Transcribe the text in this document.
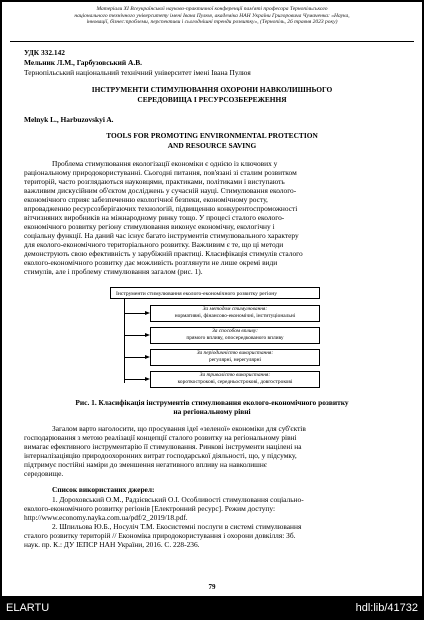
Матеріали ХІ Всеукраїнської науково-практичної конференції пам'яті професора Тернопільського
національного технічного університету імені Івана Пулюя, академіка НАН України Григоровича Чумаченка: «Наука,
інновації, бізнес:проблеми, перспективи і сьогоднішні тренди розвитку», (Тернопіль, 26 травня 2023 року)
УДК 332.142
Мельник Л.М., Гарбузовський А.В.
Тернопільський національний технічний університет імені Івана Пулюя
ІНСТРУМЕНТИ СТИМУЛЮВАННЯ ОХОРОНИ НАВКОЛИШНЬОГО
СЕРЕДОВИЩА І РЕСУРСОЗБЕРЕЖЕННЯ
Melnyk L., Harbuzovskyi A.
TOOLS FOR PROMOTING ENVIRONMENTAL PROTECTION
AND RESOURCE SAVING
Проблема стимулювання екологізації економіки є однією із ключових у
раціональному природокористуванні. Сьогодні питання, пов'язані зі сталим розвитком
територій, часто розглядаються науковцями, практиками, політиками і виступають
важливим дискусійним об'єктом досліджень у сучасній науці. Стимулювання еколого-
економічного сприяє забезпеченню екологічної безпеки, економічному росту,
впровадженню ресурсозберігаючих технологій, підвищенню конкурентоспроможності
вітчизняних виробників на міжнародному ринку тощо. У процесі сталого еколого-
економічного розвитку регіону стимулювання виконує економічну, екологічну і
соціальну функції. На даний час існує багато інструментів стимулювального характеру
для еколого-економічного територіального розвитку. Важливим є те, що ці методи
демонструють свою ефективність у зарубіжній практиці. Класифікація стимулів сталого
еколого-економічного розвитку дає можливість розглянути не лише окремі види
стимулів, але і проблему стимулювання загалом (рис. 1).
Інструменти стимулювання еколого-економічного розвитку регіону
За методом стимулювання:
нормативні, фінансово-економічні, інституціональні
За способом впливу:
прямого впливу, опосередкованого впливу
За періодичністю використання:
регулярні, нерегулярні
За тривалістю використання:
короткострокові, середньострокові, довгострокові
Рис. 1. Класифікація інструментів стимулювання еколого-економічного розвитку
на регіональному рівні
Загалом варто наголосити, що просування ідеї «зеленої» економіки для суб'єктів
господарювання з метою реалізації концепції сталого розвитку на регіональному рівні
вимагає ефективного інструментарію її стимулювання. Ринкові інструменти націлені на
інтерналізаціяцію природоохоронних витрат господарської діяльності, що, у підсумку,
підтримує постійні наміри до зменшення негативного впливу на навколишнє
середовище.
Список використаних джерел:
1. Дороховський О.М., Радзієвський О.І. Особливості стимулювання соціально-
еколого-економічного розвитку регіонів [Електронний ресурс]. Режим доступу:
http://www.economy.nayka.com.ua/pdf/2_2019/18.pdf.
2. Шпильова Ю.Б., Носуліч Т.М. Екосистемні послуги в системі стимулювання
сталого розвитку територій // Економіка природокористування і охорони довкілля: Зб.
наук. пр. К.: ДУ ІЕПСР НАН України, 2016. С. 228-236.
79
ELARTU	hdl:lib/41732
